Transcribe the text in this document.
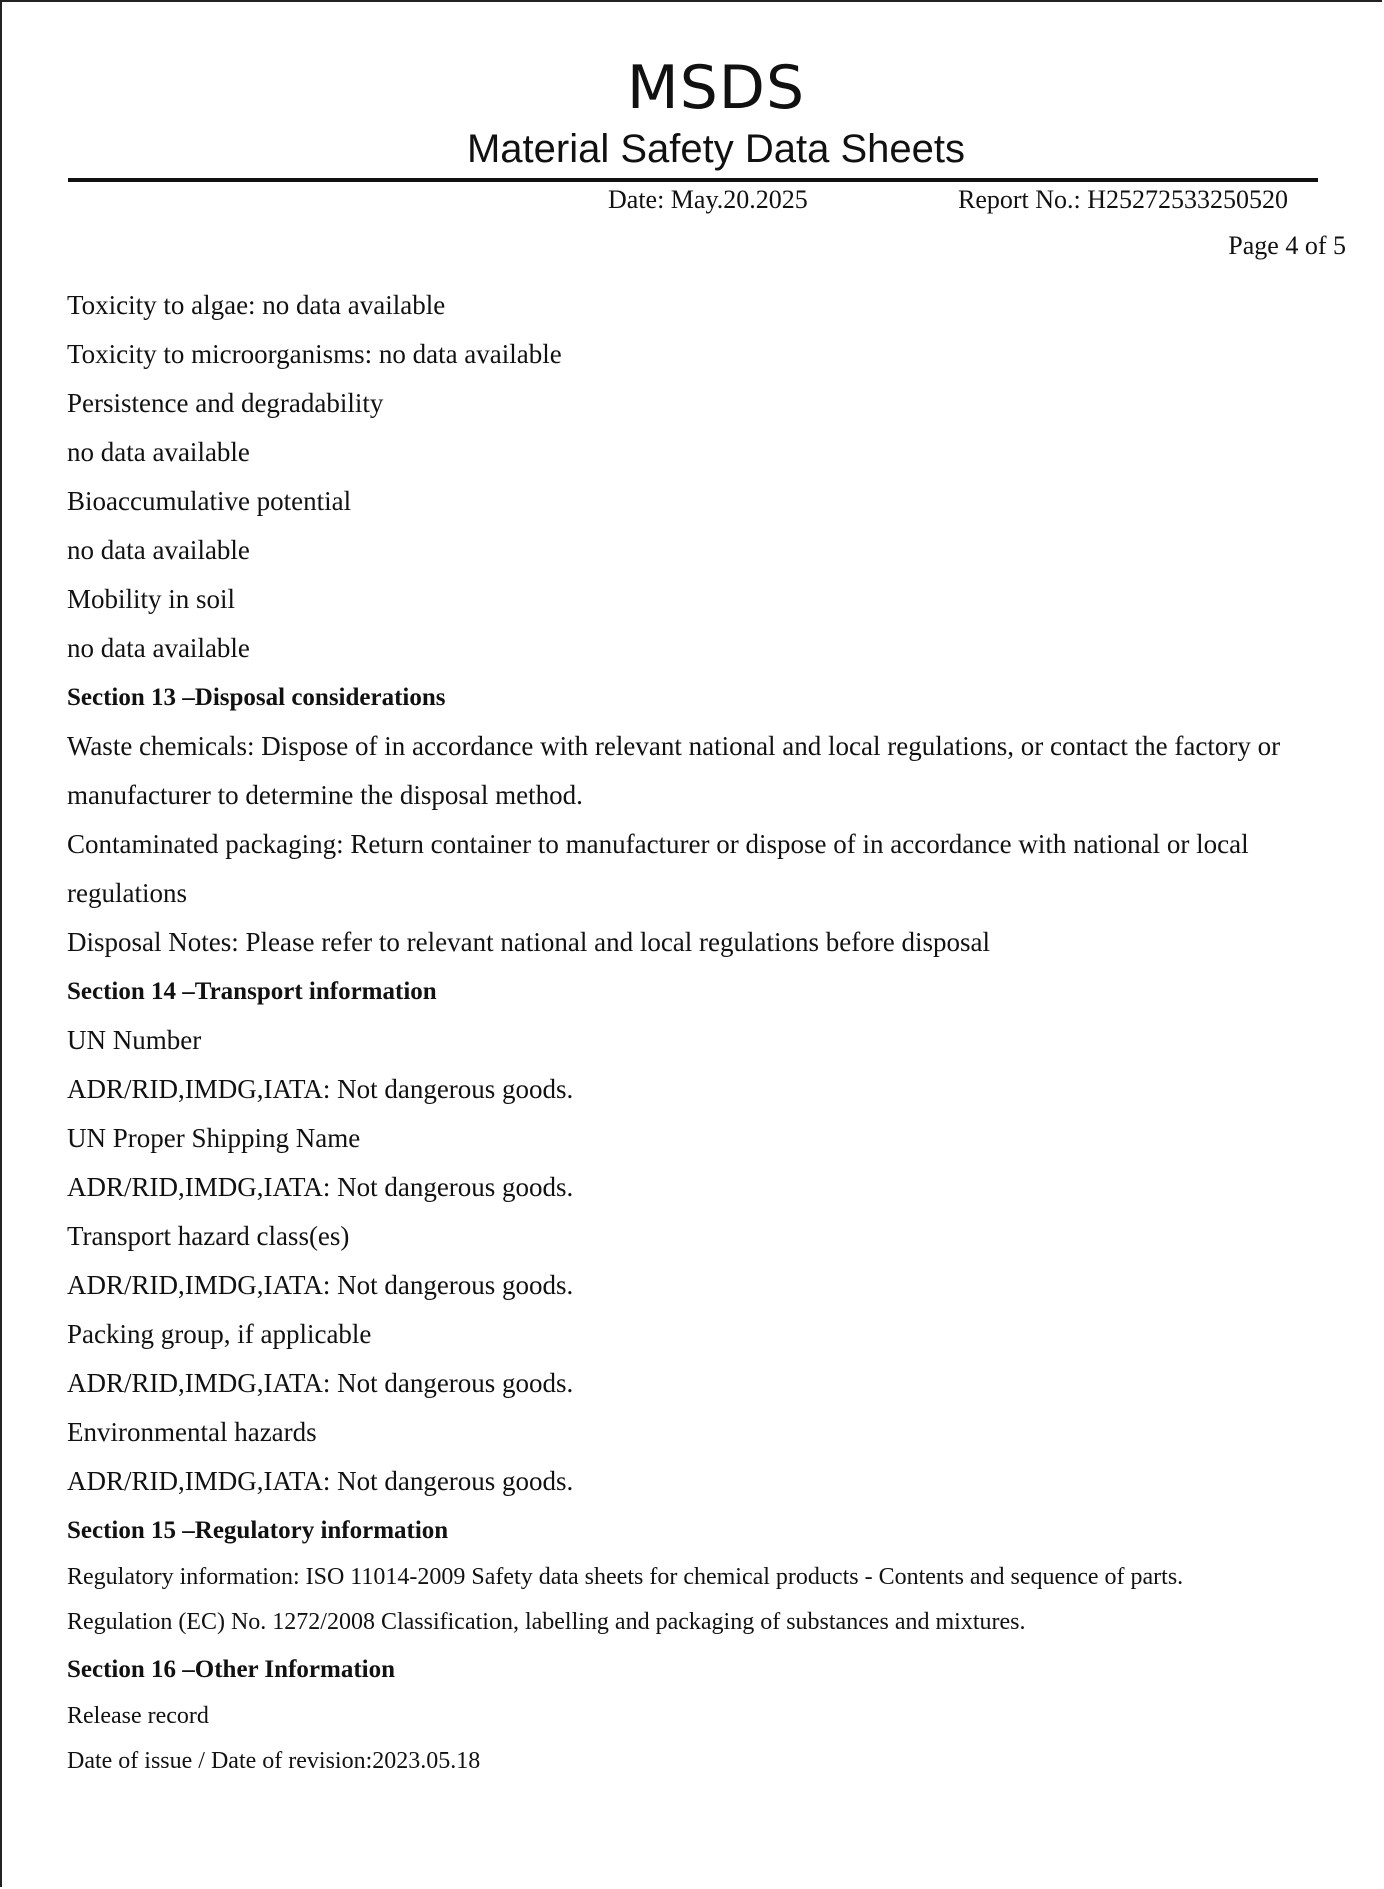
MSDS
Material Safety Data Sheets
Date: May.20.2025	Report No.: H25272533250520
Page 4 of 5
Toxicity to algae: no data available
Toxicity to microorganisms: no data available
Persistence and degradability
no data available
Bioaccumulative potential
no data available
Mobility in soil
no data available
Section 13 –Disposal considerations
Waste chemicals: Dispose of in accordance with relevant national and local regulations, or contact the factory or
manufacturer to determine the disposal method.
Contaminated packaging: Return container to manufacturer or dispose of in accordance with national or local
regulations
Disposal Notes: Please refer to relevant national and local regulations before disposal
Section 14 –Transport information
UN Number
ADR/RID,IMDG,IATA: Not dangerous goods.
UN Proper Shipping Name
ADR/RID,IMDG,IATA: Not dangerous goods.
Transport hazard class(es)
ADR/RID,IMDG,IATA: Not dangerous goods.
Packing group, if applicable
ADR/RID,IMDG,IATA: Not dangerous goods.
Environmental hazards
ADR/RID,IMDG,IATA: Not dangerous goods.
Section 15 –Regulatory information
Regulatory information: ISO 11014-2009 Safety data sheets for chemical products - Contents and sequence of parts.
Regulation (EC) No. 1272/2008 Classification, labelling and packaging of substances and mixtures.
Section 16 –Other Information
Release record
Date of issue / Date of revision:2023.05.18
